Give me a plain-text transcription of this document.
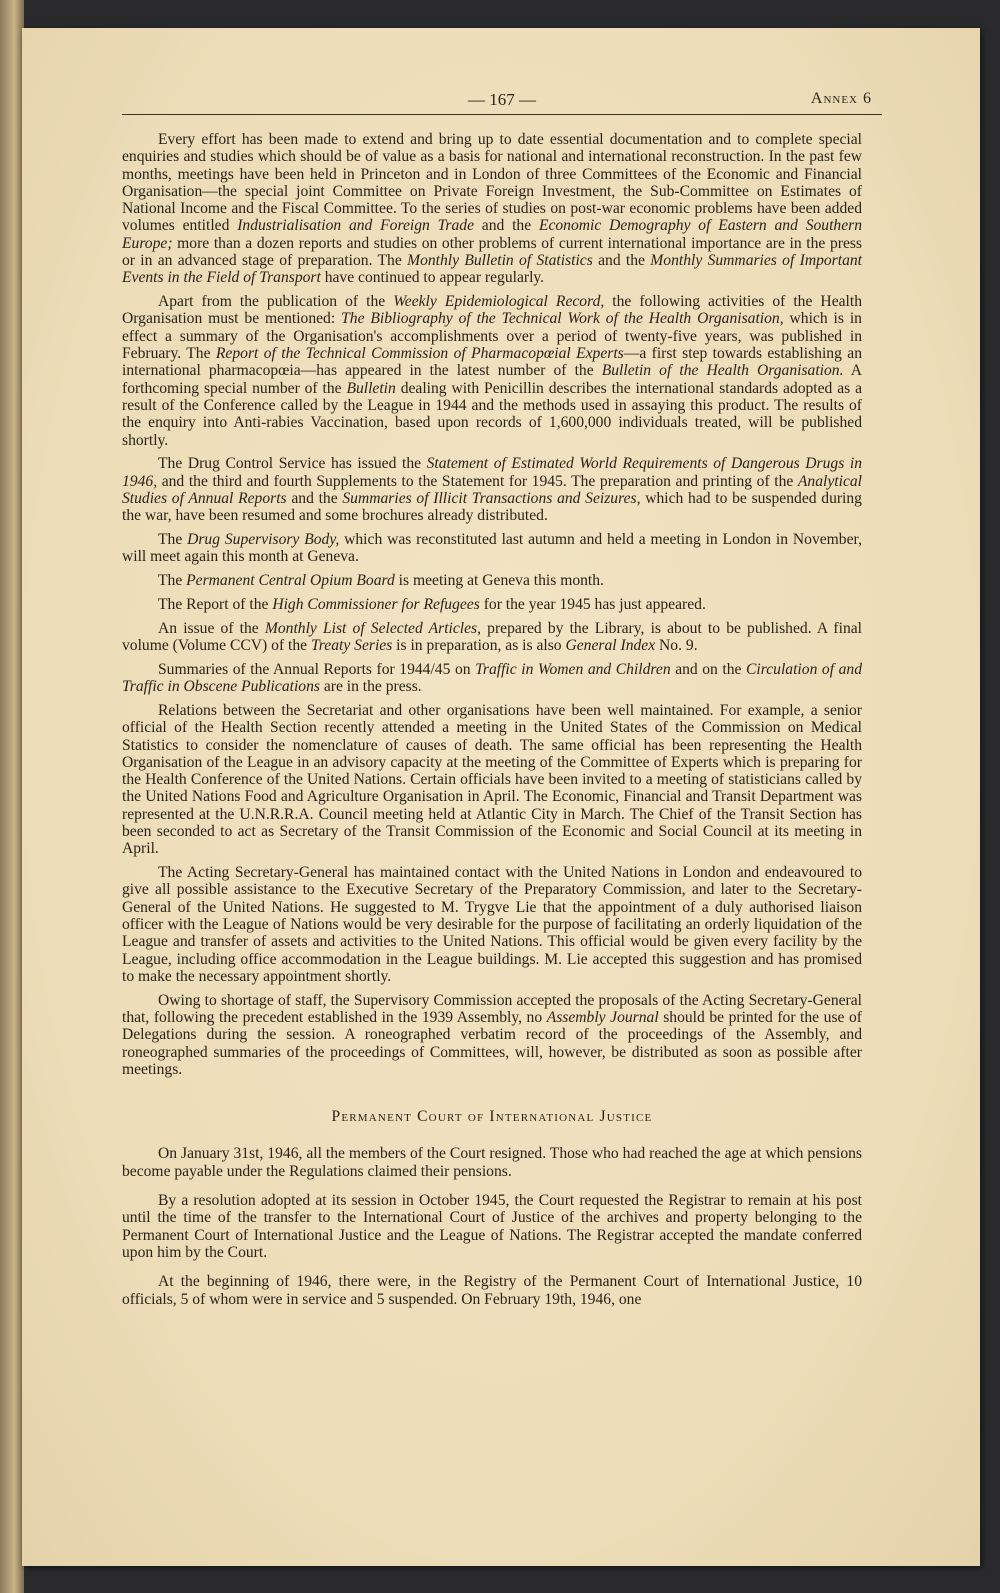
— 167 —	Annex 6

Every effort has been made to extend and bring up to date essential documentation and to complete special enquiries and studies which should be of value as a basis for national and international reconstruction. In the past few months, meetings have been held in Princeton and in London of three Committees of the Economic and Financial Organisation—the special joint Committee on Private Foreign Investment, the Sub-Committee on Estimates of National Income and the Fiscal Committee. To the series of studies on post-war economic problems have been added volumes entitled Industrialisation and Foreign Trade and the Economic Demography of Eastern and Southern Europe; more than a dozen reports and studies on other problems of current international importance are in the press or in an advanced stage of preparation. The Monthly Bulletin of Statistics and the Monthly Summaries of Important Events in the Field of Transport have continued to appear regularly.

Apart from the publication of the Weekly Epidemiological Record, the following activities of the Health Organisation must be mentioned: The Bibliography of the Technical Work of the Health Organisation, which is in effect a summary of the Organisation's accomplishments over a period of twenty-five years, was published in February. The Report of the Technical Commission of Pharmacopœial Experts—a first step towards establishing an international pharmacopœia—has appeared in the latest number of the Bulletin of the Health Organisation. A forthcoming special number of the Bulletin dealing with Penicillin describes the international standards adopted as a result of the Conference called by the League in 1944 and the methods used in assaying this product. The results of the enquiry into Anti-rabies Vaccination, based upon records of 1,600,000 individuals treated, will be published shortly.

The Drug Control Service has issued the Statement of Estimated World Requirements of Dangerous Drugs in 1946, and the third and fourth Supplements to the Statement for 1945. The preparation and printing of the Analytical Studies of Annual Reports and the Summaries of Illicit Transactions and Seizures, which had to be suspended during the war, have been resumed and some brochures already distributed.

The Drug Supervisory Body, which was reconstituted last autumn and held a meeting in London in November, will meet again this month at Geneva.

The Permanent Central Opium Board is meeting at Geneva this month.

The Report of the High Commissioner for Refugees for the year 1945 has just appeared.

An issue of the Monthly List of Selected Articles, prepared by the Library, is about to be published. A final volume (Volume CCV) of the Treaty Series is in preparation, as is also General Index No. 9.

Summaries of the Annual Reports for 1944/45 on Traffic in Women and Children and on the Circulation of and Traffic in Obscene Publications are in the press.

Relations between the Secretariat and other organisations have been well maintained. For example, a senior official of the Health Section recently attended a meeting in the United States of the Commission on Medical Statistics to consider the nomenclature of causes of death. The same official has been representing the Health Organisation of the League in an advisory capacity at the meeting of the Committee of Experts which is preparing for the Health Conference of the United Nations. Certain officials have been invited to a meeting of statisticians called by the United Nations Food and Agriculture Organisation in April. The Economic, Financial and Transit Department was represented at the U.N.R.R.A. Council meeting held at Atlantic City in March. The Chief of the Transit Section has been seconded to act as Secretary of the Transit Commission of the Economic and Social Council at its meeting in April.

The Acting Secretary-General has maintained contact with the United Nations in London and endeavoured to give all possible assistance to the Executive Secretary of the Preparatory Commission, and later to the Secretary-General of the United Nations. He suggested to M. Trygve Lie that the appointment of a duly authorised liaison officer with the League of Nations would be very desirable for the purpose of facilitating an orderly liquidation of the League and transfer of assets and activities to the United Nations. This official would be given every facility by the League, including office accommodation in the League buildings. M. Lie accepted this suggestion and has promised to make the necessary appointment shortly.

Owing to shortage of staff, the Supervisory Commission accepted the proposals of the Acting Secretary-General that, following the precedent established in the 1939 Assembly, no Assembly Journal should be printed for the use of Delegations during the session. A roneographed verbatim record of the proceedings of the Assembly, and roneographed summaries of the proceedings of Committees, will, however, be distributed as soon as possible after meetings.

Permanent Court of International Justice

On January 31st, 1946, all the members of the Court resigned. Those who had reached the age at which pensions become payable under the Regulations claimed their pensions.

By a resolution adopted at its session in October 1945, the Court requested the Registrar to remain at his post until the time of the transfer to the International Court of Justice of the archives and property belonging to the Permanent Court of International Justice and the League of Nations. The Registrar accepted the mandate conferred upon him by the Court.

At the beginning of 1946, there were, in the Registry of the Permanent Court of International Justice, 10 officials, 5 of whom were in service and 5 suspended. On February 19th, 1946, one
